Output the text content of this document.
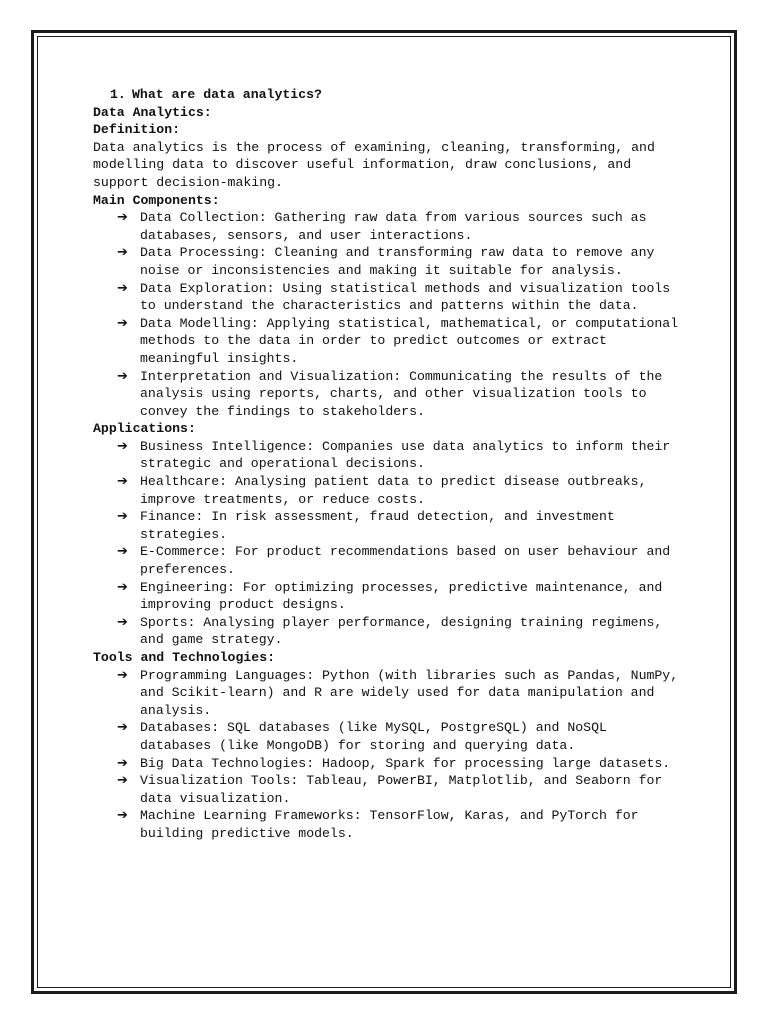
1. What are data analytics?

Data Analytics:

Definition:

Data analytics is the process of examining, cleaning, transforming, and modelling data to discover useful information, draw conclusions, and support decision-making.

Main Components:

➔ Data Collection: Gathering raw data from various sources such as databases, sensors, and user interactions.
➔ Data Processing: Cleaning and transforming raw data to remove any noise or inconsistencies and making it suitable for analysis.
➔ Data Exploration: Using statistical methods and visualization tools to understand the characteristics and patterns within the data.
➔ Data Modelling: Applying statistical, mathematical, or computational methods to the data in order to predict outcomes or extract meaningful insights.
➔ Interpretation and Visualization: Communicating the results of the analysis using reports, charts, and other visualization tools to convey the findings to stakeholders.

Applications:

➔ Business Intelligence: Companies use data analytics to inform their strategic and operational decisions.
➔ Healthcare: Analysing patient data to predict disease outbreaks, improve treatments, or reduce costs.
➔ Finance: In risk assessment, fraud detection, and investment strategies.
➔ E-Commerce: For product recommendations based on user behaviour and preferences.
➔ Engineering: For optimizing processes, predictive maintenance, and improving product designs.
➔ Sports: Analysing player performance, designing training regimens, and game strategy.

Tools and Technologies:

➔ Programming Languages: Python (with libraries such as Pandas, NumPy, and Scikit-learn) and R are widely used for data manipulation and analysis.
➔ Databases: SQL databases (like MySQL, PostgreSQL) and NoSQL databases (like MongoDB) for storing and querying data.
➔ Big Data Technologies: Hadoop, Spark for processing large datasets.
➔ Visualization Tools: Tableau, PowerBI, Matplotlib, and Seaborn for data visualization.
➔ Machine Learning Frameworks: TensorFlow, Karas, and PyTorch for building predictive models.
